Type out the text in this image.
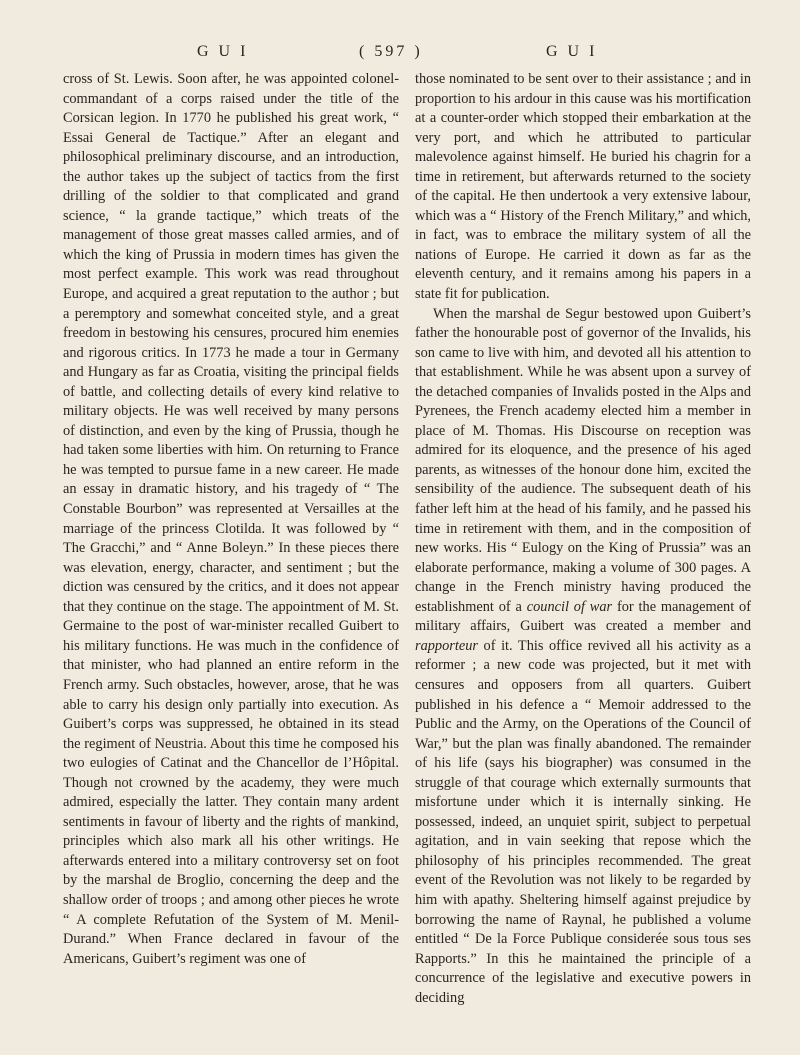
G U I	( 597 )	G U I

cross of St. Lewis. Soon after, he was appointed colonel-commandant of a corps raised under the title of the Corsican legion. In 1770 he published his great work, “ Essai General de Tactique.” After an elegant and philosophical preliminary discourse, and an introduction, the author takes up the subject of tactics from the first drilling of the soldier to that complicated and grand science, “ la grande tactique,” which treats of the management of those great masses called armies, and of which the king of Prussia in modern times has given the most perfect example. This work was read throughout Europe, and acquired a great reputation to the author ; but a peremptory and somewhat conceited style, and a great freedom in bestowing his censures, procured him enemies and rigorous critics. In 1773 he made a tour in Germany and Hungary as far as Croatia, visiting the principal fields of battle, and collecting details of every kind relative to military objects. He was well received by many persons of distinction, and even by the king of Prussia, though he had taken some liberties with him. On returning to France he was tempted to pursue fame in a new career. He made an essay in dramatic history, and his tragedy of “ The Constable Bourbon” was represented at Versailles at the marriage of the princess Clotilda. It was followed by “ The Gracchi,” and “ Anne Boleyn.” In these pieces there was elevation, energy, character, and sentiment ; but the diction was censured by the critics, and it does not appear that they continue on the stage. The appointment of M. St. Germaine to the post of war-minister recalled Guibert to his military functions. He was much in the confidence of that minister, who had planned an entire reform in the French army. Such obstacles, however, arose, that he was able to carry his design only partially into execution. As Guibert’s corps was suppressed, he obtained in its stead the regiment of Neustria. About this time he composed his two eulogies of Catinat and the Chancellor de l’Hôpital. Though not crowned by the academy, they were much admired, especially the latter. They contain many ardent sentiments in favour of liberty and the rights of mankind, principles which also mark all his other writings. He afterwards entered into a military controversy set on foot by the marshal de Broglio, concerning the deep and the shallow order of troops ; and among other pieces he wrote “ A complete Refutation of the System of M. Menil-Durand.” When France declared in favour of the Americans, Guibert’s regiment was one of

those nominated to be sent over to their assistance ; and in proportion to his ardour in this cause was his mortification at a counter-order which stopped their embarkation at the very port, and which he attributed to particular malevolence against himself. He buried his chagrin for a time in retirement, but afterwards returned to the society of the capital. He then undertook a very extensive labour, which was a “ History of the French Military,” and which, in fact, was to embrace the military system of all the nations of Europe. He carried it down as far as the eleventh century, and it remains among his papers in a state fit for publication.

When the marshal de Segur bestowed upon Guibert’s father the honourable post of governor of the Invalids, his son came to live with him, and devoted all his attention to that establishment. While he was absent upon a survey of the detached companies of Invalids posted in the Alps and Pyrenees, the French academy elected him a member in place of M. Thomas. His Discourse on reception was admired for its eloquence, and the presence of his aged parents, as witnesses of the honour done him, excited the sensibility of the audience. The subsequent death of his father left him at the head of his family, and he passed his time in retirement with them, and in the composition of new works. His “ Eulogy on the King of Prussia” was an elaborate performance, making a volume of 300 pages. A change in the French ministry having produced the establishment of a council of war for the management of military affairs, Guibert was created a member and rapporteur of it. This office revived all his activity as a reformer ; a new code was projected, but it met with censures and opposers from all quarters. Guibert published in his defence a “ Memoir addressed to the Public and the Army, on the Operations of the Council of War,” but the plan was finally abandoned. The remainder of his life (says his biographer) was consumed in the struggle of that courage which externally surmounts that misfortune under which it is internally sinking. He possessed, indeed, an unquiet spirit, subject to perpetual agitation, and in vain seeking that repose which the philosophy of his principles recommended. The great event of the Revolution was not likely to be regarded by him with apathy. Sheltering himself against prejudice by borrowing the name of Raynal, he published a volume entitled “ De la Force Publique considerée sous tous ses Rapports.” In this he maintained the principle of a concurrence of the legislative and executive powers in deciding
